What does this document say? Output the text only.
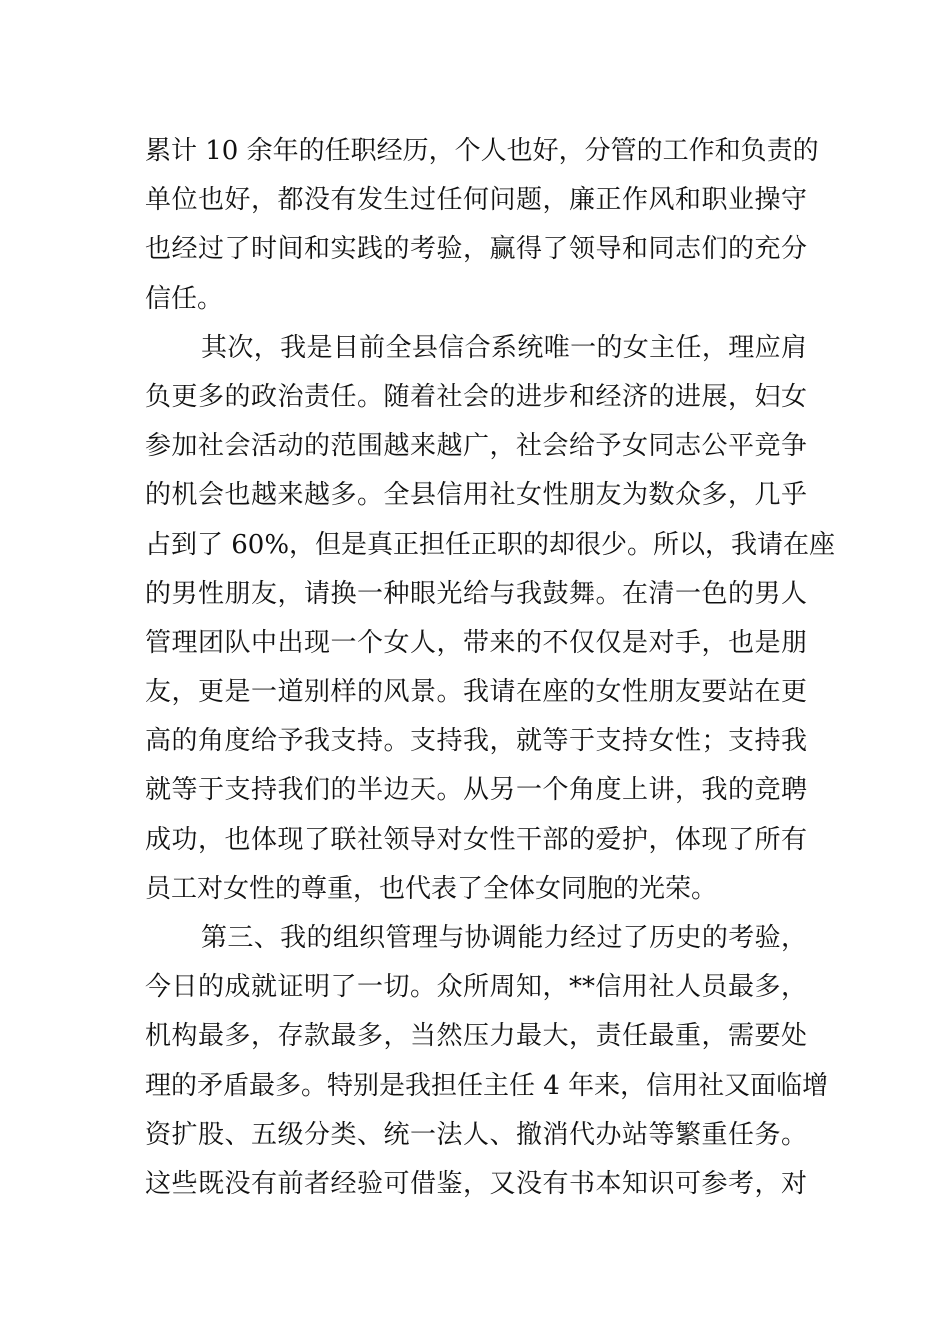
累计 10 余年的任职经历，个人也好，分管的工作和负责的
单位也好，都没有发生过任何问题，廉正作风和职业操守
也经过了时间和实践的考验，赢得了领导和同志们的充分
信任。
其次，我是目前全县信合系统唯一的女主任，理应肩
负更多的政治责任。随着社会的进步和经济的进展，妇女
参加社会活动的范围越来越广，社会给予女同志公平竞争
的机会也越来越多。全县信用社女性朋友为数众多，几乎
占到了 60%，但是真正担任正职的却很少。所以，我请在座
的男性朋友，请换一种眼光给与我鼓舞。在清一色的男人
管理团队中出现一个女人，带来的不仅仅是对手，也是朋
友，更是一道别样的风景。我请在座的女性朋友要站在更
高的角度给予我支持。支持我，就等于支持女性；支持我
就等于支持我们的半边天。从另一个角度上讲，我的竞聘
成功，也体现了联社领导对女性干部的爱护，体现了所有
员工对女性的尊重，也代表了全体女同胞的光荣。
第三、我的组织管理与协调能力经过了历史的考验，
今日的成就证明了一切。众所周知，**信用社人员最多，
机构最多，存款最多，当然压力最大，责任最重，需要处
理的矛盾最多。特别是我担任主任 4 年来，信用社又面临增
资扩股、五级分类、统一法人、撤消代办站等繁重任务。
这些既没有前者经验可借鉴，又没有书本知识可参考，对
